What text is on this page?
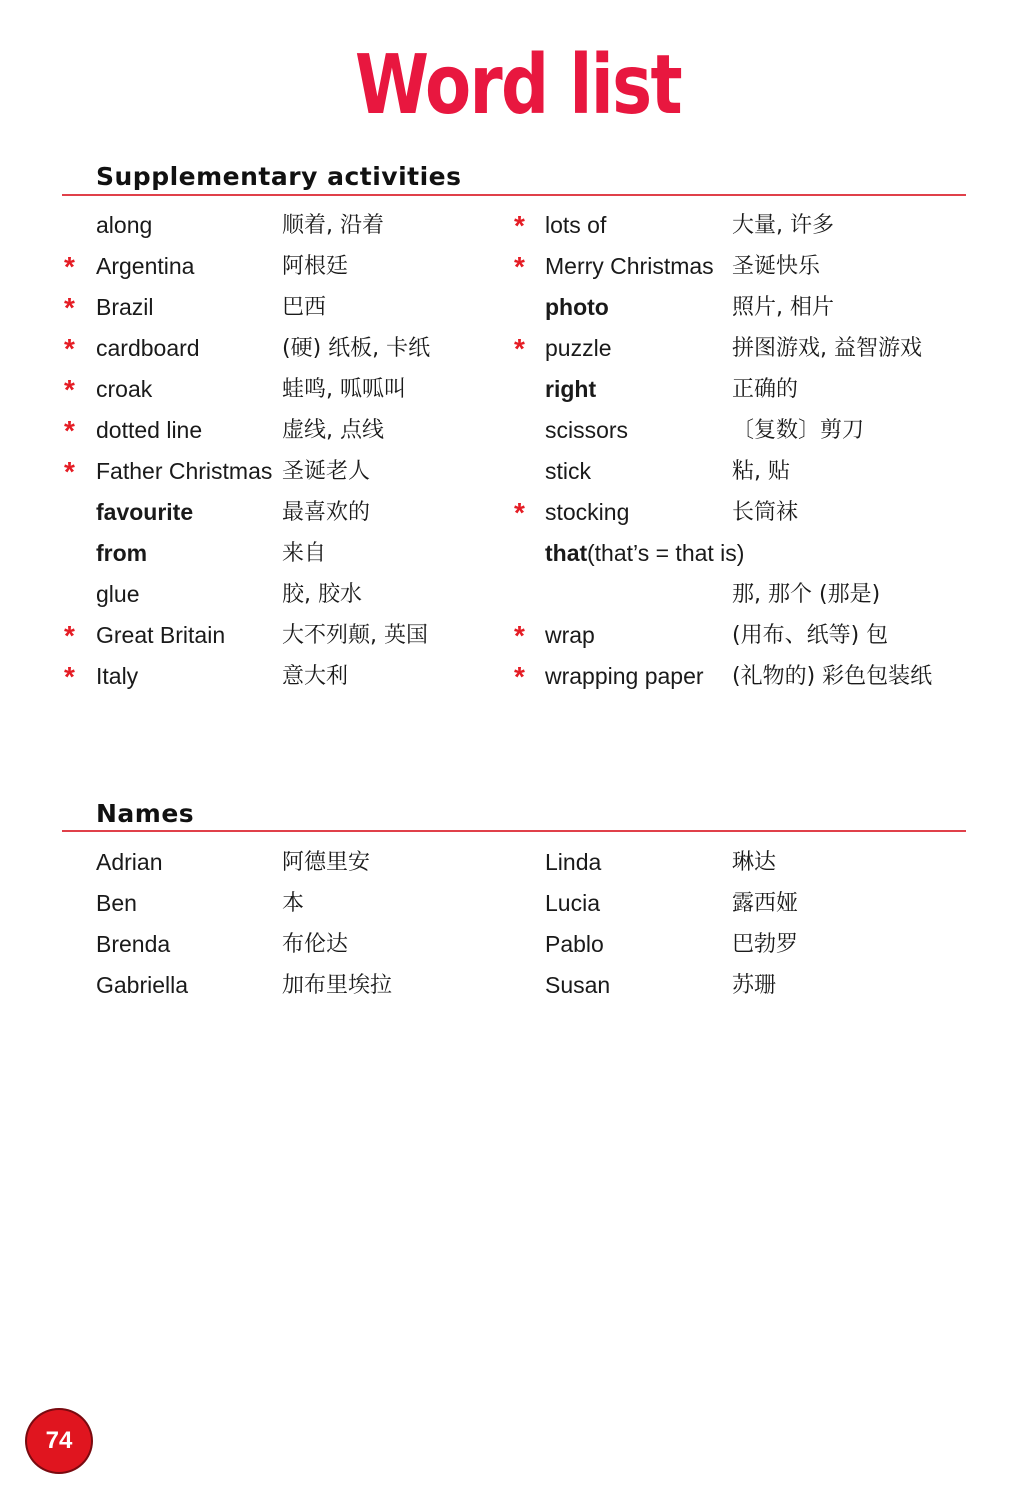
Word list
Supplementary activities
along	顺着, 沿着
* Argentina	阿根廷
* Brazil	巴西
* cardboard	(硬) 纸板, 卡纸
* croak	蛙鸣, 呱呱叫
* dotted line	虚线, 点线
* Father Christmas 圣诞老人
favourite	最喜欢的
from	来自
glue	胶, 胶水
* Great Britain	大不列颠, 英国
* Italy	意大利
* lots of	大量, 许多
* Merry Christmas 圣诞快乐
photo	照片, 相片
* puzzle	拼图游戏, 益智游戏
right	正确的
scissors	〔复数〕剪刀
stick	粘, 贴
* stocking	长筒袜
that (that’s = that is)
那, 那个 (那是)
* wrap	(用布、纸等) 包
* wrapping paper (礼物的) 彩色包装纸
Names
Adrian	阿德里安
Ben	本
Brenda	布伦达
Gabriella	加布里埃拉
Linda	琳达
Lucia	露西娅
Pablo	巴勃罗
Susan	苏珊
74
